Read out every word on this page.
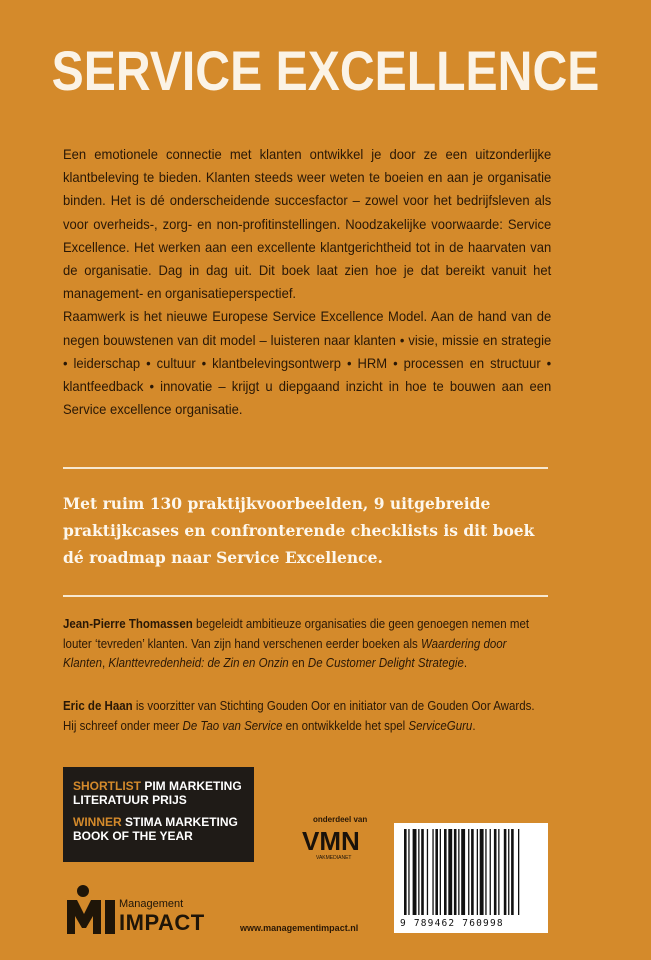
SERVICE EXCELLENCE

Een emotionele connectie met klanten ontwikkel je door ze een uitzonderlijke klantbeleving te bieden. Klanten steeds weer weten te boeien en aan je organisatie binden. Het is dé onderscheidende succesfactor – zowel voor het bedrijfsleven als voor overheids-, zorg- en non-profitinstellingen. Noodzakelijke voorwaarde: Service Excellence. Het werken aan een excellente klantgerichtheid tot in de haarvaten van de organisatie. Dag in dag uit. Dit boek laat zien hoe je dat bereikt vanuit het management- en organisatieperspectief.

Raamwerk is het nieuwe Europese Service Excellence Model. Aan de hand van de negen bouwstenen van dit model – luisteren naar klanten • visie, missie en strategie • leiderschap • cultuur • klantbelevingsontwerp • HRM • processen en structuur • klantfeedback • innovatie – krijgt u diepgaand inzicht in hoe te bouwen aan een Service excellence organisatie.

Met ruim 130 praktijkvoorbeelden, 9 uitgebreide praktijkcases en confronterende checklists is dit boek dé roadmap naar Service Excellence.
Jean-Pierre Thomassen begeleidt ambitieuze organisaties die geen genoegen nemen met louter ‘tevreden’ klanten. Van zijn hand verschenen eerder boeken als Waardering door Klanten, Klanttevredenheid: de Zin en Onzin en De Customer Delight Strategie.
Eric de Haan is voorzitter van Stichting Gouden Oor en initiator van de Gouden Oor Awards. Hij schreef onder meer De Tao van Service en ontwikkelde het spel ServiceGuru.
SHORTLIST PIM MARKETING
LITERATUUR PRIJS
WINNER STIMA MARKETING
BOOK OF THE YEAR
onderdeel van
VMN
VAKMEDIANET
9 789462 760998
Management
IMPACT	www.managementimpact.nl
